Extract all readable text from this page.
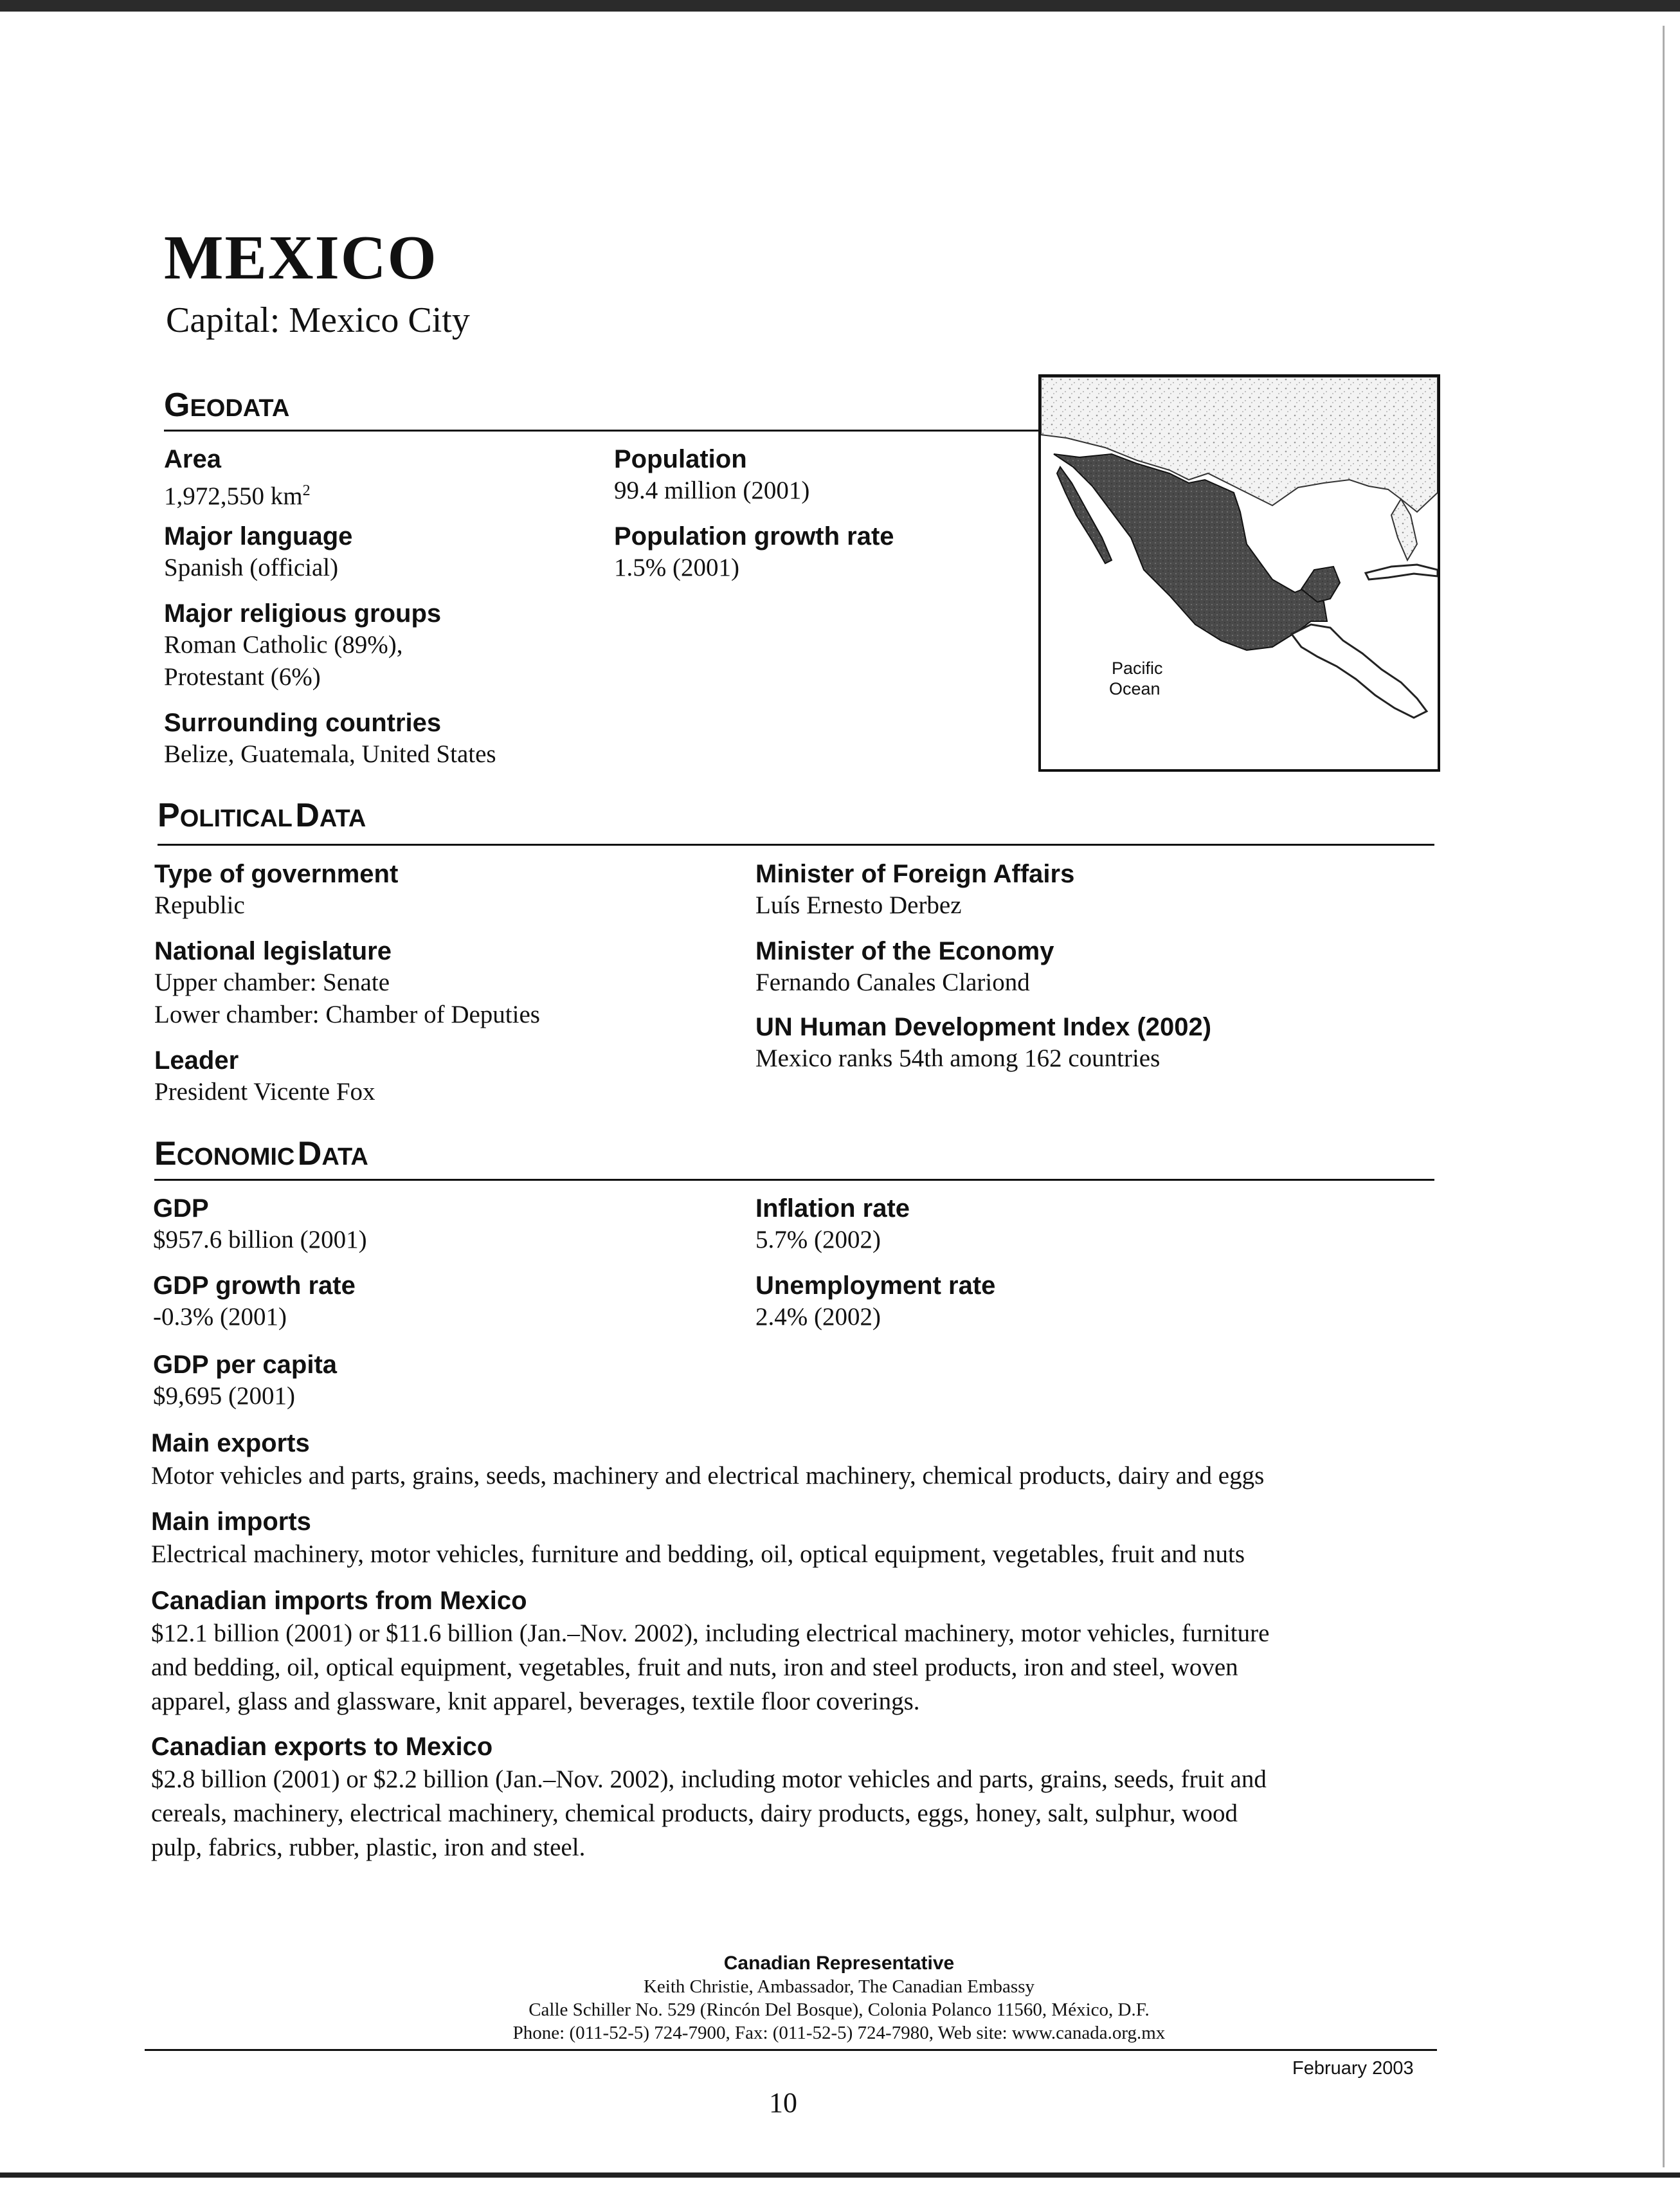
MEXICO
Capital: Mexico City
GEODATA
Area
1,972,550 $km^2$
Major language
Spanish (official)
Major religious groups
Roman Catholic (89%),
Protestant (6%)
Surrounding countries
Belize, Guatemala, United States
Population
99.4 million (2001)
Population growth rate
1.5% (2001)
Pacific
Ocean
POLITICAL DATA
Type of government
Republic
National legislature
Upper chamber: Senate
Lower chamber: Chamber of Deputies
Leader
President Vicente Fox
Minister of Foreign Affairs
Luís Ernesto Derbez
Minister of the Economy
Fernando Canales Clariond
UN Human Development Index (2002)
Mexico ranks 54th among 162 countries
ECONOMIC DATA
GDP
$957.6 billion (2001)
GDP growth rate
-0.3% (2001)
GDP per capita
$9,695 (2001)
Inflation rate
5.7% (2002)
Unemployment rate
2.4% (2002)
Main exports
Motor vehicles and parts, grains, seeds, machinery and electrical machinery, chemical products, dairy and eggs
Main imports
Electrical machinery, motor vehicles, furniture and bedding, oil, optical equipment, vegetables, fruit and nuts
Canadian imports from Mexico
$12.1 billion (2001) or $11.6 billion (Jan.–Nov. 2002), including electrical machinery, motor vehicles, furniture
and bedding, oil, optical equipment, vegetables, fruit and nuts, iron and steel products, iron and steel, woven
apparel, glass and glassware, knit apparel, beverages, textile floor coverings.
Canadian exports to Mexico
$2.8 billion (2001) or $2.2 billion (Jan.–Nov. 2002), including motor vehicles and parts, grains, seeds, fruit and
cereals, machinery, electrical machinery, chemical products, dairy products, eggs, honey, salt, sulphur, wood
pulp, fabrics, rubber, plastic, iron and steel.
Canadian Representative
Keith Christie, Ambassador, The Canadian Embassy
Calle Schiller No. 529 (Rincón Del Bosque), Colonia Polanco 11560, México, D.F.
Phone: (011-52-5) 724-7900, Fax: (011-52-5) 724-7980, Web site: www.canada.org.mx
February 2003
10
